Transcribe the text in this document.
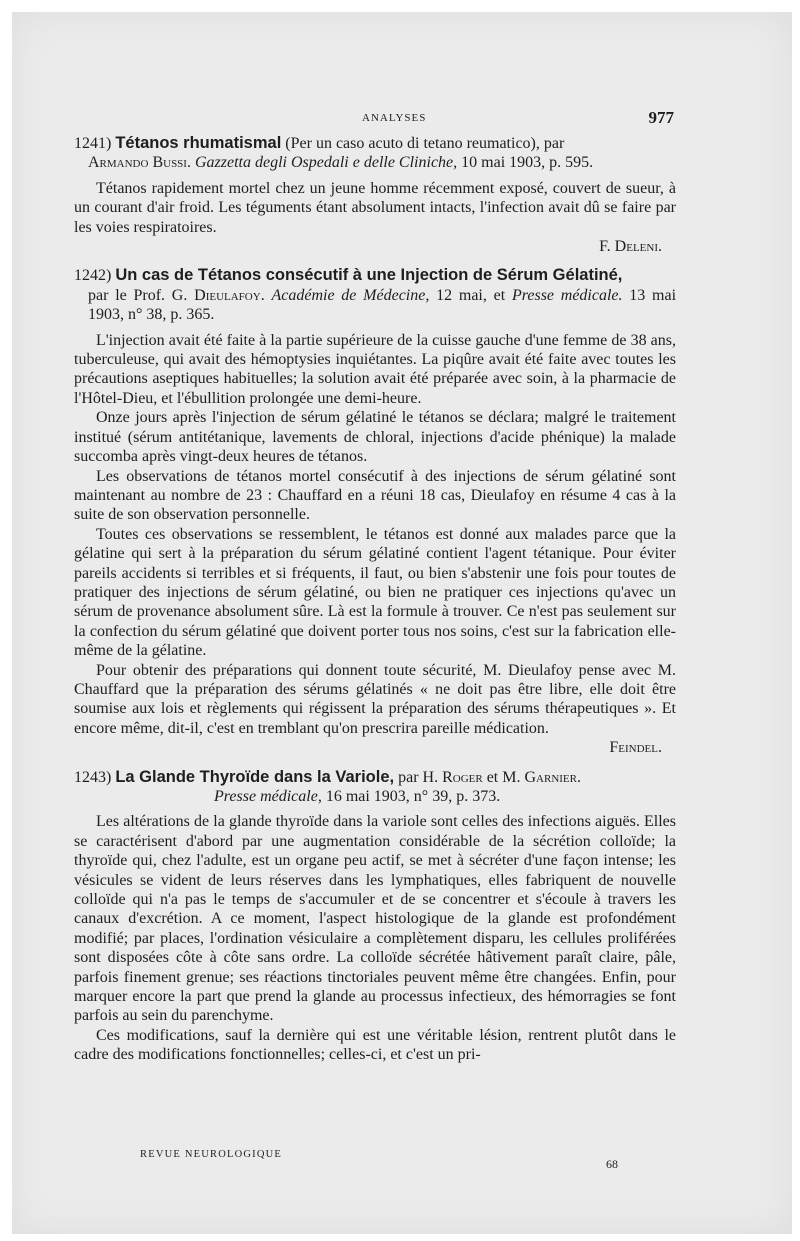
ANALYSES	977

1241) Tétanos rhumatismal (Per un caso acuto di tetano reumatico), par
Armando Bussi. Gazzetta degli Ospedali e delle Cliniche, 10 mai 1903, p. 595.

Tétanos rapidement mortel chez un jeune homme récemment exposé, couvert de sueur, à un courant d'air froid. Les téguments étant absolument intacts, l'infection avait dû se faire par les voies respiratoires.

F. Deleni.

1242) Un cas de Tétanos consécutif à une Injection de Sérum Gélatiné,
par le Prof. G. Dieulafoy. Académie de Médecine, 12 mai, et Presse médicale. 13 mai 1903, n° 38, p. 365.

L'injection avait été faite à la partie supérieure de la cuisse gauche d'une femme de 38 ans, tuberculeuse, qui avait des hémoptysies inquiétantes. La piqûre avait été faite avec toutes les précautions aseptiques habituelles; la solution avait été préparée avec soin, à la pharmacie de l'Hôtel-Dieu, et l'ébullition prolongée une demi-heure.

Onze jours après l'injection de sérum gélatiné le tétanos se déclara; malgré le traitement institué (sérum antitétanique, lavements de chloral, injections d'acide phénique) la malade succomba après vingt-deux heures de tétanos.

Les observations de tétanos mortel consécutif à des injections de sérum gélatiné sont maintenant au nombre de 23 : Chauffard en a réuni 18 cas, Dieulafoy en résume 4 cas à la suite de son observation personnelle.

Toutes ces observations se ressemblent, le tétanos est donné aux malades parce que la gélatine qui sert à la préparation du sérum gélatiné contient l'agent tétanique. Pour éviter pareils accidents si terribles et si fréquents, il faut, ou bien s'abstenir une fois pour toutes de pratiquer des injections de sérum gélatiné, ou bien ne pratiquer ces injections qu'avec un sérum de provenance absolument sûre. Là est la formule à trouver. Ce n'est pas seulement sur la confection du sérum gélatiné que doivent porter tous nos soins, c'est sur la fabrication elle-même de la gélatine.

Pour obtenir des préparations qui donnent toute sécurité, M. Dieulafoy pense avec M. Chauffard que la préparation des sérums gélatinés « ne doit pas être libre, elle doit être soumise aux lois et règlements qui régissent la préparation des sérums thérapeutiques ». Et encore même, dit-il, c'est en tremblant qu'on prescrira pareille médication.

Feindel.

1243) La Glande Thyroïde dans la Variole, par H. Roger et M. Garnier.
Presse médicale, 16 mai 1903, n° 39, p. 373.

Les altérations de la glande thyroïde dans la variole sont celles des infections aiguës. Elles se caractérisent d'abord par une augmentation considérable de la sécrétion colloïde; la thyroïde qui, chez l'adulte, est un organe peu actif, se met à sécréter d'une façon intense; les vésicules se vident de leurs réserves dans les lymphatiques, elles fabriquent de nouvelle colloïde qui n'a pas le temps de s'accumuler et de se concentrer et s'écoule à travers les canaux d'excrétion. A ce moment, l'aspect histologique de la glande est profondément modifié; par places, l'ordination vésiculaire a complètement disparu, les cellules proliférées sont disposées côte à côte sans ordre. La colloïde sécrétée hâtivement paraît claire, pâle, parfois finement grenue; ses réactions tinctoriales peuvent même être changées. Enfin, pour marquer encore la part que prend la glande au processus infectieux, des hémorragies se font parfois au sein du parenchyme.

Ces modifications, sauf la dernière qui est une véritable lésion, rentrent plutôt dans le cadre des modifications fonctionnelles; celles-ci, et c'est un pri-

REVUE NEUROLOGIQUE
68
